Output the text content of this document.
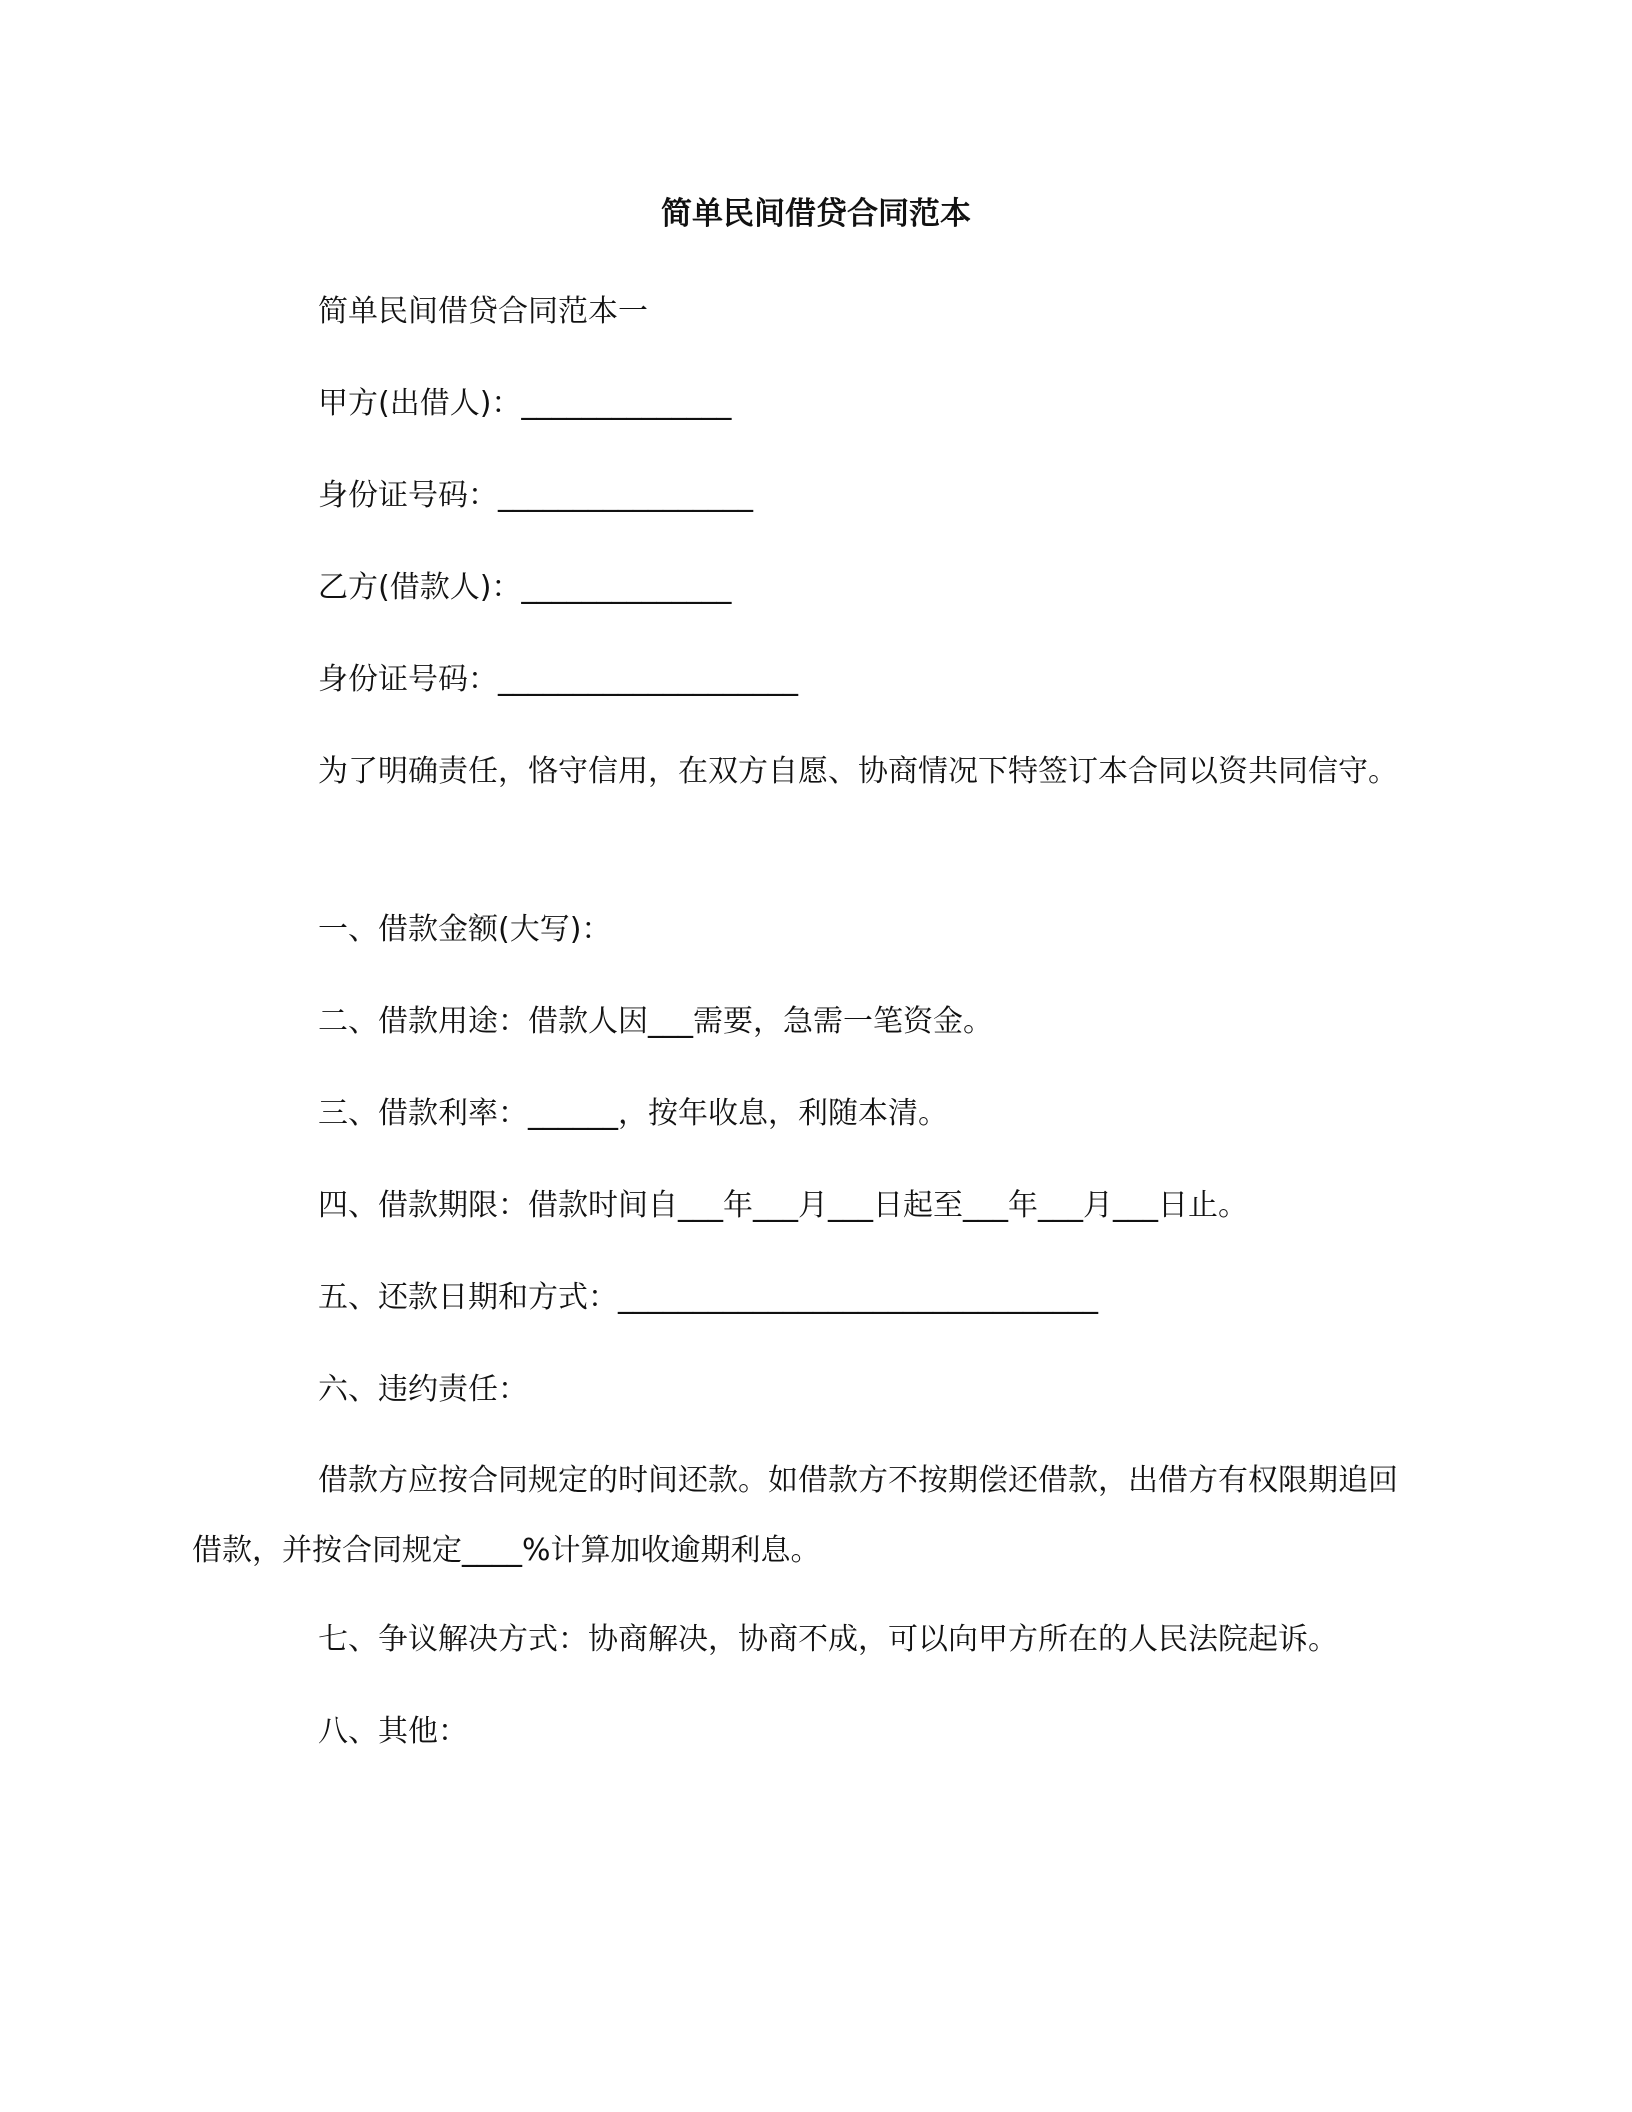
简单民间借贷合同范本
简单民间借贷合同范本一
甲方(出借人)：______________
身份证号码：_________________
乙方(借款人)：______________
身份证号码：____________________
为了明确责任，恪守信用，在双方自愿、协商情况下特签订本合同以资共同信守。
一、借款金额(大写)：
二、借款用途：借款人因___需要，急需一笔资金。
三、借款利率：______，按年收息，利随本清。
四、借款期限：借款时间自___年___月___日起至___年___月___日止。
五、还款日期和方式：________________________________
六、违约责任：
借款方应按合同规定的时间还款。如借款方不按期偿还借款，出借方有权限期追回借款，并按合同规定____%计算加收逾期利息。
七、争议解决方式：协商解决，协商不成，可以向甲方所在的人民法院起诉。
八、其他：
